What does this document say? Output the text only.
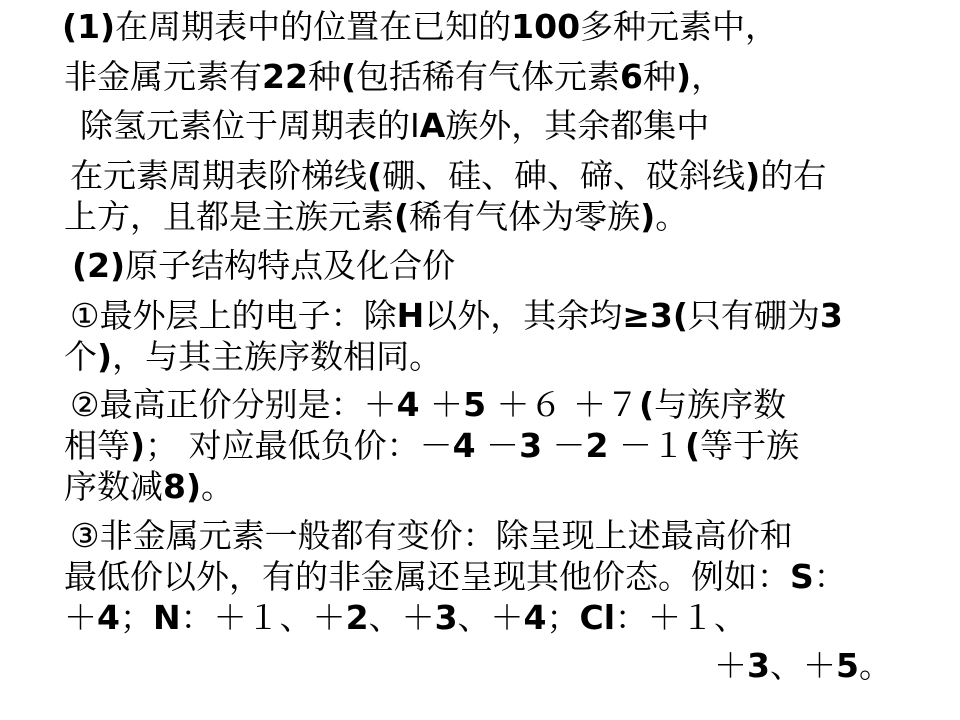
(1)在周期表中的位置在已知的100多种元素中，
非金属元素有22种(包括稀有气体元素6种)，
除氢元素位于周期表的ⅠA族外，其余都集中
在元素周期表阶梯线(硼、硅、砷、碲、砹斜线)的右
上方，且都是主族元素(稀有气体为零族)。
(2)原子结构特点及化合价
①最外层上的电子：除H以外，其余均≥3(只有硼为3
个)，与其主族序数相同。
②最高正价分别是：＋4 ＋5 ＋６ ＋７(与族序数
相等)； 对应最低负价：－4 －3 －2 －１(等于族
序数减8)。
③非金属元素一般都有变价：除呈现上述最高价和
最低价以外，有的非金属还呈现其他价态。例如：S：
＋4；N：＋１、＋2、＋3、＋4；Cl：＋１、
＋3、＋5。
